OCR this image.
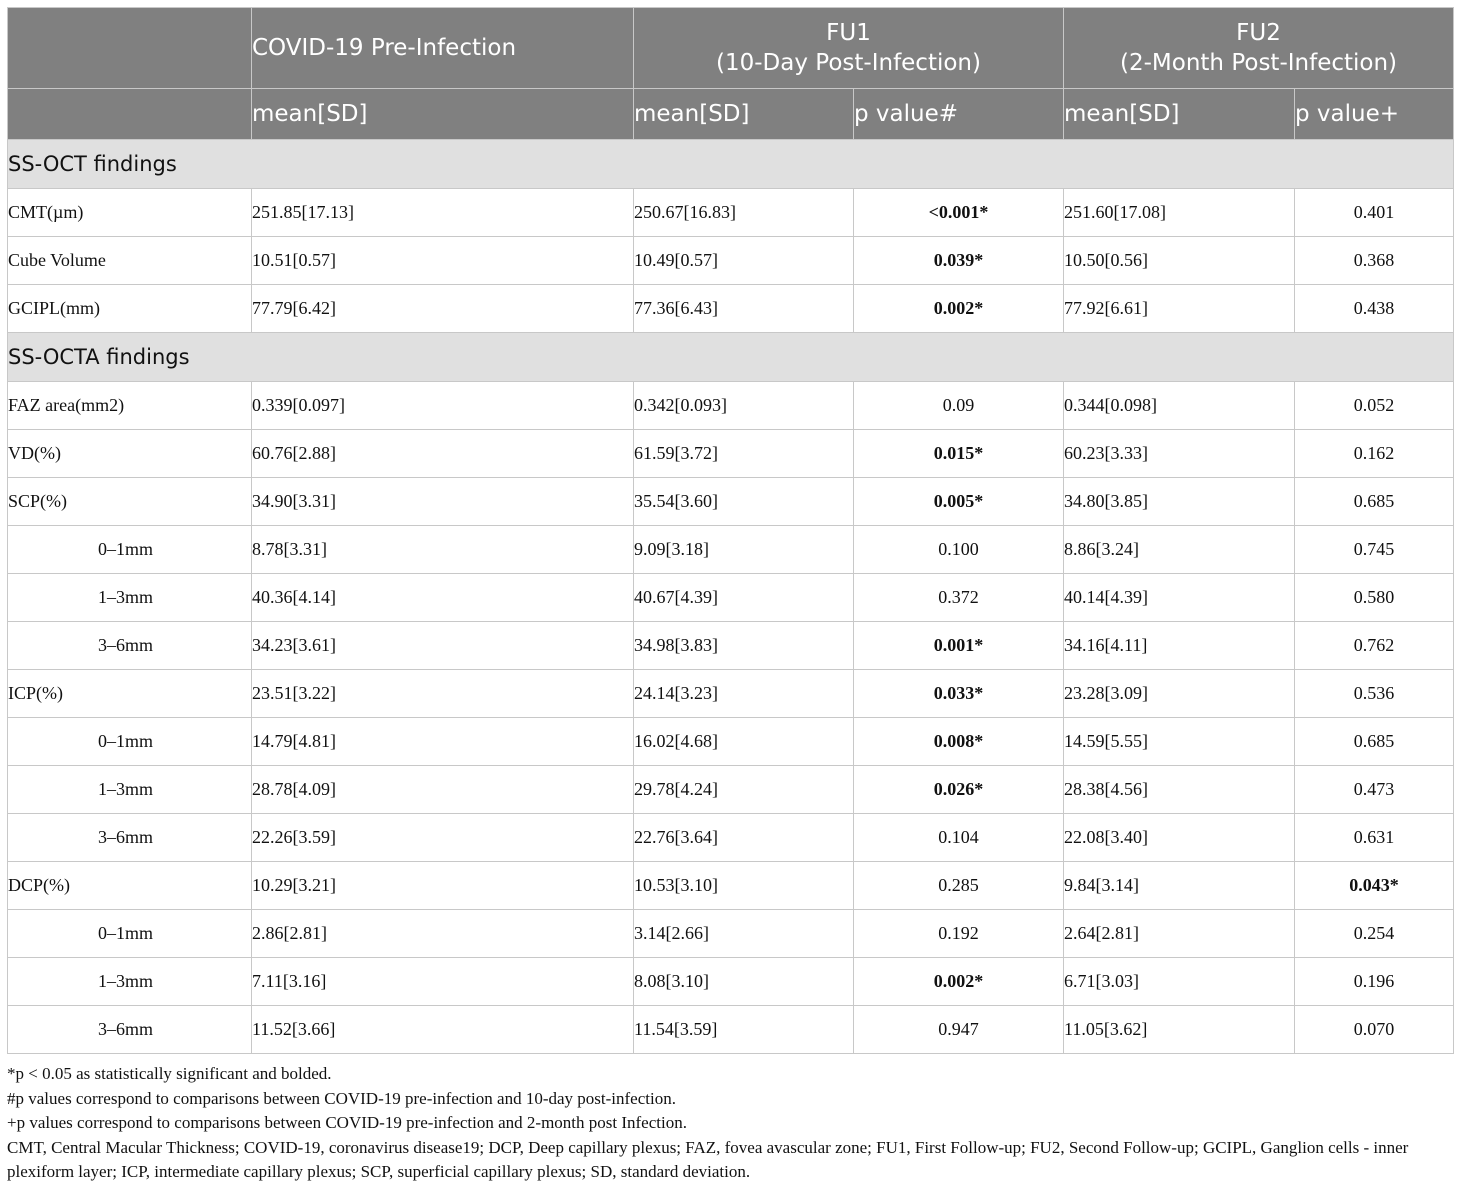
	COVID-19 Pre-Infection	FU1
(10-Day Post-Infection)		FU2
(2-Month Post-Infection)	

	mean[SD]	mean[SD]	p value#	mean[SD]	p value+
SS-OCT findings					
CMT(µm)	251.85[17.13]	250.67[16.83]	<0.001*	251.60[17.08]	0.401
Cube Volume	10.51[0.57]	10.49[0.57]	0.039*	10.50[0.56]	0.368
GCIPL(mm)	77.79[6.42]	77.36[6.43]	0.002*	77.92[6.61]	0.438
SS-OCTA findings					
FAZ area(mm2)	0.339[0.097]	0.342[0.093]	0.09	0.344[0.098]	0.052
VD(%)	60.76[2.88]	61.59[3.72]	0.015*	60.23[3.33]	0.162
SCP(%)	34.90[3.31]	35.54[3.60]	0.005*	34.80[3.85]	0.685
0–1mm	8.78[3.31]	9.09[3.18]	0.100	8.86[3.24]	0.745
1–3mm	40.36[4.14]	40.67[4.39]	0.372	40.14[4.39]	0.580
3–6mm	34.23[3.61]	34.98[3.83]	0.001*	34.16[4.11]	0.762
ICP(%)	23.51[3.22]	24.14[3.23]	0.033*	23.28[3.09]	0.536
0–1mm	14.79[4.81]	16.02[4.68]	0.008*	14.59[5.55]	0.685
1–3mm	28.78[4.09]	29.78[4.24]	0.026*	28.38[4.56]	0.473
3–6mm	22.26[3.59]	22.76[3.64]	0.104	22.08[3.40]	0.631
DCP(%)	10.29[3.21]	10.53[3.10]	0.285	9.84[3.14]	0.043*
0–1mm	2.86[2.81]	3.14[2.66]	0.192	2.64[2.81]	0.254
1–3mm	7.11[3.16]	8.08[3.10]	0.002*	6.71[3.03]	0.196
3–6mm	11.52[3.66]	11.54[3.59]	0.947	11.05[3.62]	0.070
*p < 0.05 as statistically significant and bolded.
#p values correspond to comparisons between COVID-19 pre-infection and 10-day post-infection.
+p values correspond to comparisons between COVID-19 pre-infection and 2-month post Infection.
CMT, Central Macular Thickness; COVID-19, coronavirus disease19; DCP, Deep capillary plexus; FAZ, fovea avascular zone; FU1, First Follow-up; FU2, Second Follow-up; GCIPL, Ganglion cells - inner plexiform layer; ICP, intermediate capillary plexus; SCP, superficial capillary plexus; SD, standard deviation.
